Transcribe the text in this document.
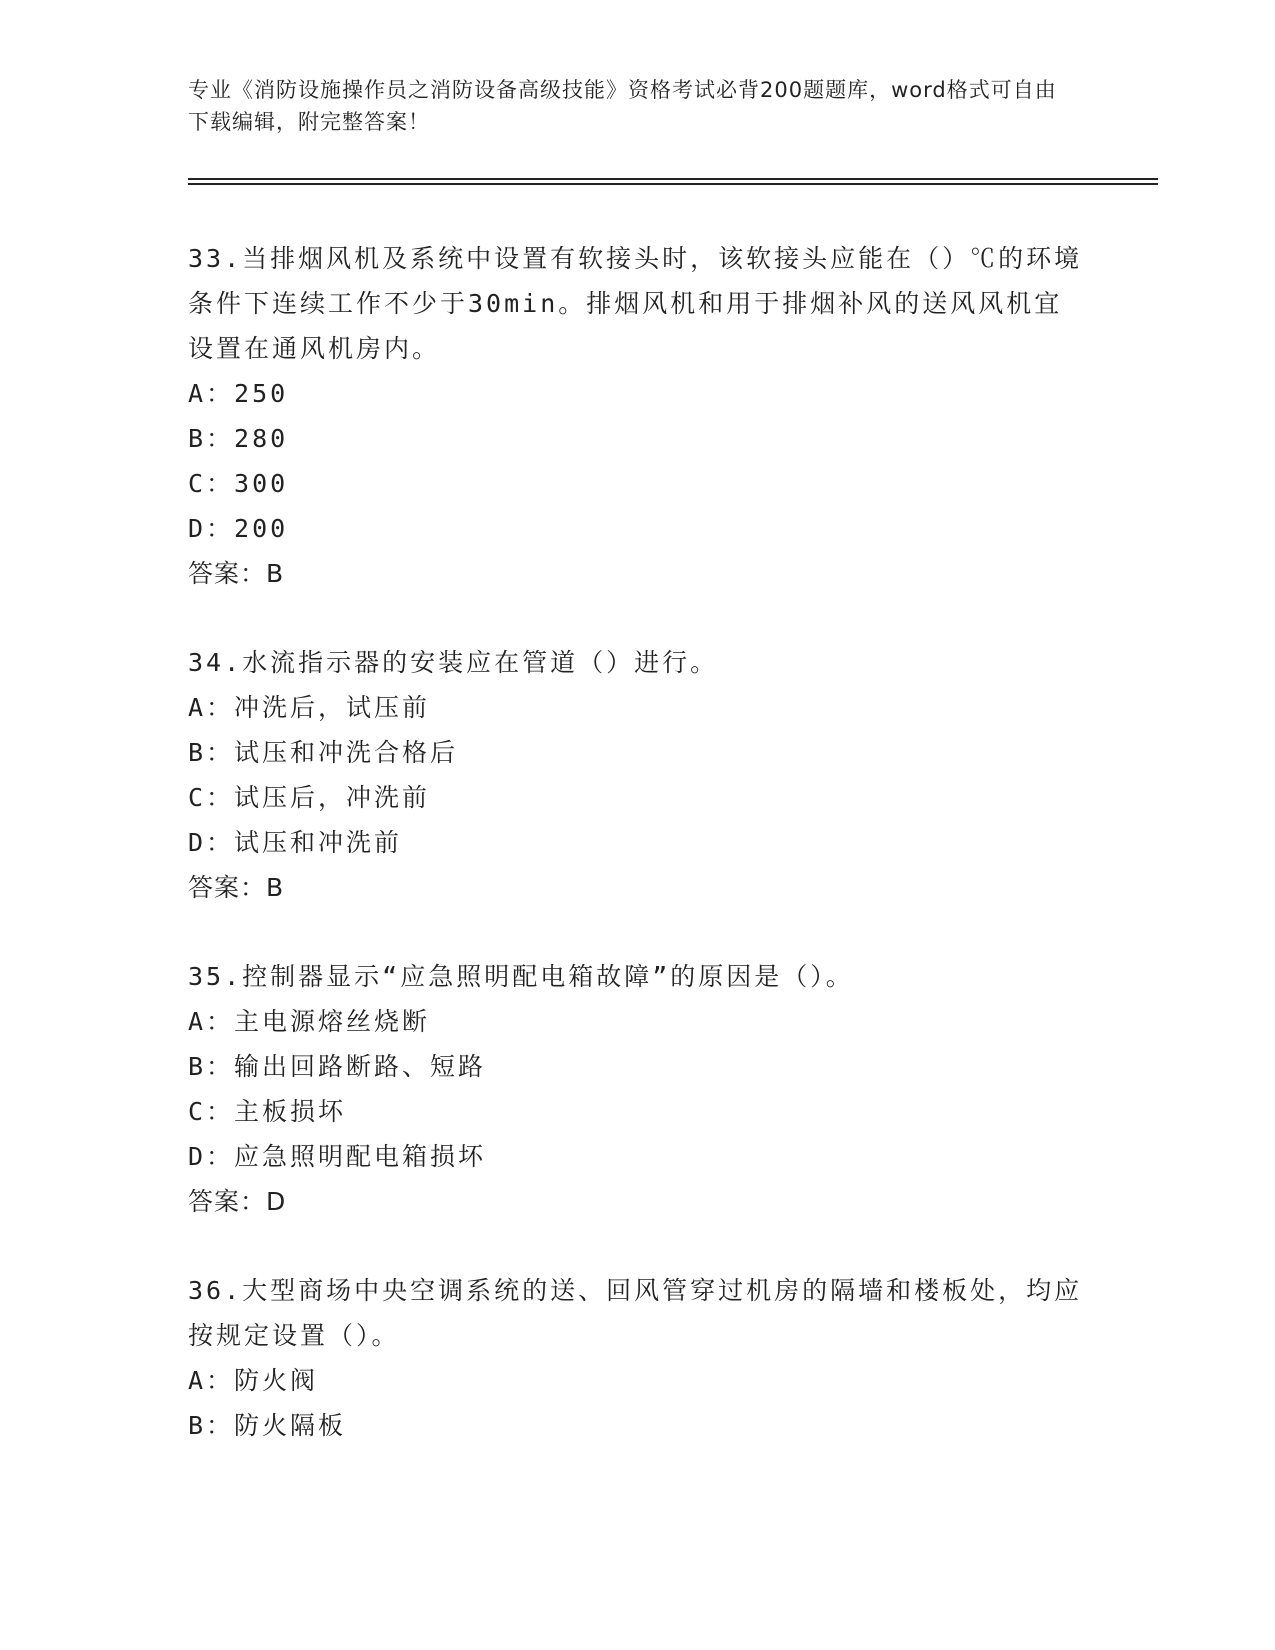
专业《消防设施操作员之消防设备高级技能》资格考试必背200题题库，word格式可自由下载编辑，附完整答案！
33.当排烟风机及系统中设置有软接头时，该软接头应能在（）℃的环境条件下连续工作不少于30min。排烟风机和用于排烟补风的送风风机宜设置在通风机房内。
A：250
B：280
C：300
D：200
答案：B
34.水流指示器的安装应在管道（）进行。
A：冲洗后，试压前
B：试压和冲洗合格后
C：试压后，冲洗前
D：试压和冲洗前
答案：B
35.控制器显示“应急照明配电箱故障”的原因是（）。
A：主电源熔丝烧断
B：输出回路断路、短路
C：主板损坏
D：应急照明配电箱损坏
答案：D
36.大型商场中央空调系统的送、回风管穿过机房的隔墙和楼板处，均应按规定设置（）。
A：防火阀
B：防火隔板
